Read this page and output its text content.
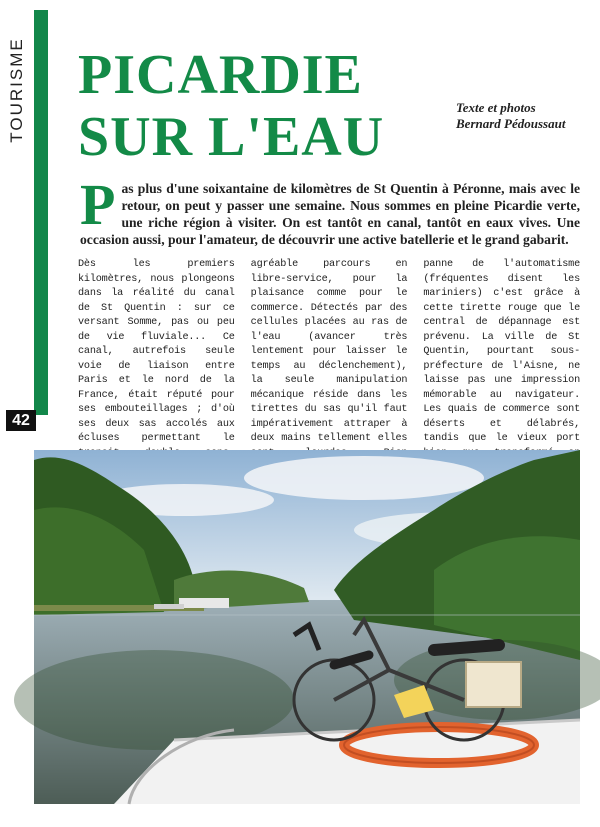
TOURISME
42
PICARDIE
SUR L'EAU	Texte et photos
Bernard Pédoussaut

Pas plus d'une soixantaine de kilomètres de St Quentin à Péronne, mais avec le retour, on peut y passer une semaine. Nous sommes en pleine Picardie verte, une riche région à visiter. On est tantôt en canal, tantôt en eaux vives. Une occasion aussi, pour l'amateur, de découvrir une active batellerie et le grand gabarit.

Dès les premiers kilomètres, nous plongeons dans la réalité du canal de St Quentin : sur ce versant Somme, pas ou peu de vie fluviale... Ce canal, autrefois seule voie de liaison entre Paris et le nord de la France, était réputé pour ses embouteillages ; d'où ses deux sas accolés aux écluses permettant le

agréable parcours en libre-service, pour la plaisance comme pour le commerce. Détectés par des cellules placées au ras de l'eau (avancer très lentement pour laisser le temps au déclenchement), la seule manipulation mécanique réside dans les tirettes du sas qu'il faut impérativement attraper à deux mains tellement elles

panne de l'automatisme (fréquentes disent les mariniers) c'est grâce à cette tirette rouge que le central de dépannage est prévenu. La ville de St Quentin, pourtant sous-préfecture de l'Aisne, ne laisse pas une impression mémorable au navigateur. Les quais de commerce sont déserts et délabrés, tandis que le vieux port
